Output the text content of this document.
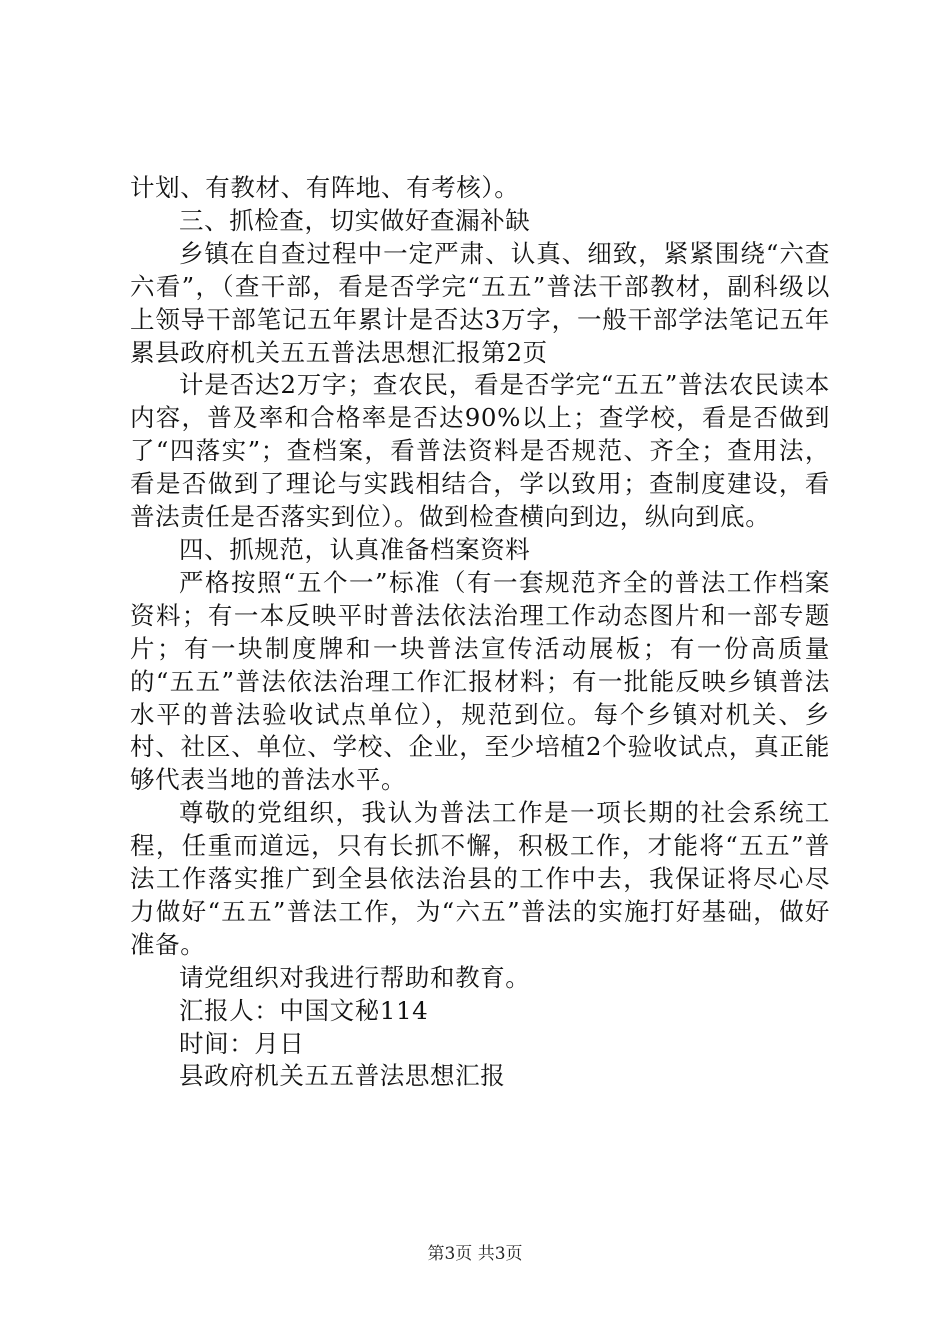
计划、有教材、有阵地、有考核）。

三、抓检查，切实做好查漏补缺

乡镇在自查过程中一定严肃、认真、细致，紧紧围绕“六查六看”，（查干部，看是否学完“五五”普法干部教材，副科级以上领导干部笔记五年累计是否达3万字，一般干部学法笔记五年累县政府机关五五普法思想汇报第2页

计是否达2万字；查农民，看是否学完“五五”普法农民读本内容，普及率和合格率是否达90%以上；查学校，看是否做到了“四落实”；查档案，看普法资料是否规范、齐全；查用法，看是否做到了理论与实践相结合，学以致用；查制度建设，看普法责任是否落实到位）。做到检查横向到边，纵向到底。

四、抓规范，认真准备档案资料

严格按照“五个一”标准（有一套规范齐全的普法工作档案资料；有一本反映平时普法依法治理工作动态图片和一部专题片；有一块制度牌和一块普法宣传活动展板；有一份高质量的“五五”普法依法治理工作汇报材料；有一批能反映乡镇普法水平的普法验收试点单位），规范到位。每个乡镇对机关、乡村、社区、单位、学校、企业，至少培植2个验收试点，真正能够代表当地的普法水平。

尊敬的党组织，我认为普法工作是一项长期的社会系统工程，任重而道远，只有长抓不懈，积极工作，才能将“五五”普法工作落实推广到全县依法治县的工作中去，我保证将尽心尽力做好“五五”普法工作，为“六五”普法的实施打好基础，做好准备。

请党组织对我进行帮助和教育。

汇报人：中国文秘114

时间：月日

县政府机关五五普法思想汇报

第3页 共3页
